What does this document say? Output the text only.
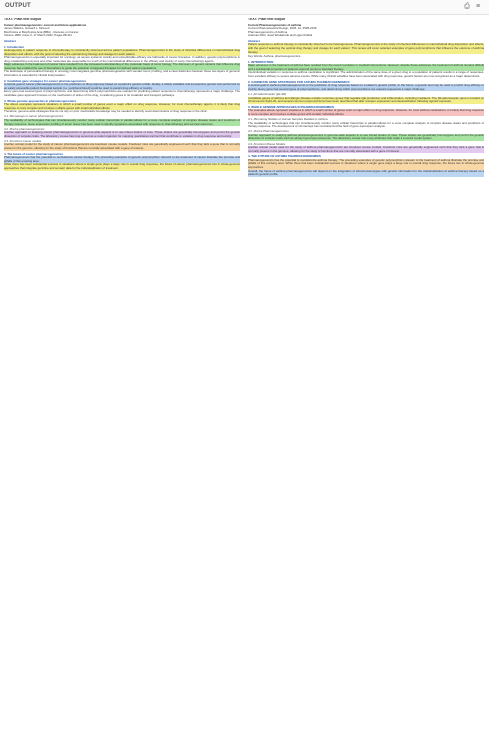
OUTPUT	⎙ ≡
TEXT: Plain text output
Cancer pharmacogenomics: current and future applications
James Watkins, Howard L. McLeod
Biochimica et Biophysica Acta (BBA) - Reviews on Cancer
Volume 1865, Issue 2, 17 March 2022, Pages 88-111
Abstract
1. Introduction

Heterogeneity in patient response to chemotherapy is consistently observed across patient populations. Pharmacogenomics is the study of inherited differences in interindividual drug disposition and effects, with the goal of selecting the optimal drug therapy and dosage for each patient.

Pharmacogenomics is especially important for oncology, as severe systemic toxicity and unpredictable efficacy are hallmarks of cancer therapies. In addition, genetic polymorphisms in drug metabolizing enzymes and other molecules are responsible for much of the interindividual differences in the efficacy and toxicity of many chemotherapy agents.

Major advances in the treatment of cancer have resulted from the increased understanding of the molecular basis of tumor biology. The discovery of genetic variants that influence drug response has enabled the use of biomarkers to guide the selection of targeted therapies for defined patient populations.

The landscape of personalized therapy in oncology now integrates germline pharmacogenetics with somatic tumor profiling, and a clear distinction between these two layers of genomic information is essential for clinical interpretation.

2. Candidate gene strategies for cancer pharmacogenomics

A central goal of cancer pharmacogenomics is the prediction of drug response based on a patient's genetic profile. Ideally, a widely available and inexpensive genetic test performed on an easily accessible patient biological sample (i.e. peripheral blood) could be used to predict drug efficacy or toxicity.

Every gene has several types of polymorphisms, and determining which polymorphisms are relevant for predicting patient response to chemotherapy represents a major challenge. The candidate gene approach focuses on the mechanism of action of the drug, considering genes in its metabolic and transport pathways.

3. Whole genome approaches in pharmacogenomics

The above examples represent situations in which a small number of genes exert a major effect on drug response. However, for most chemotherapy agents, it is likely that drug response is more complex and involves multiple genes with small individual effects.

Therefore, genome-wide strategies that do not rely on prior mechanistic knowledge may be needed to identify novel determinants of drug response in the clinic.

3.1. Microarrays in cancer pharmacogenomics

The availability of technologies that can simultaneously monitor many cellular transcripts in parallel allows for a more complete analysis of complex disease states and predictors of therapy response. Gene expression profiling of tumor tissue has been used to identify signatures associated with response to chemotherapy and survival outcomes.

3.2. Murine pharmacogenomics

Another approach to studying cancer pharmacogenomics in genome-wide aspects is to use inbred strains of mice. These strains are genetically homozygous and permit the genetic dissection of complex traits. The laboratory mouse has long served as a model organism for mapping quantitative trait loci that contribute to variation in drug response and toxicity.

3.3. Knockout mouse models

Another animal model for the study of cancer pharmacogenomics are knockout mouse models. Knockout mice are genetically engineered such that they lack a gene that is normally present in the genome, allowing for the study of functions that are normally associated with a gene of interest.

4. The future of cancer pharmacogenomics

Pharmacogenomics has the potential to revolutionize cancer therapy. The preceding examples of genetic polymorphism relevant to the treatment of cancer illustrate the promise and pitfalls of this evolving area.

While there has been substantial success in situations where a single gene plays a large role in overall drug response, the future of cancer pharmacogenomics lies in whole-genome approaches that integrate germline and somatic data for the individualization of treatment.

TEXT: Plain text output
Current Pharmacogenomics of asthma
Current Pharmaceutical Design, 2006, 12, 2595-2236
Pharmacogenomics of Asthma
Andreas Pahl, Josef Wedekinde and Ligia Chiabla
Abstract

Patient response to asthma therapy is consistently observed to be heterogeneous. Pharmacogenomics is the study of inherited differences in interindividual drug disposition and effects, with the goal of selecting the optimal drug therapy and dosage for each patient. This review will cover selected examples of gene polymorphisms that influence the outcome of asthma therapy.

Key Words: Asthma, pharmacogenomics.
1. INTRODUCTION

Major advances in the treatment of asthma have resulted from the recent revolution in medical interventions. However, despite these advances, the treatment of asthma remains difficult and a substantial proportion of patients respond poorly to standard therapy.

Interindividual variation in response to asthma medication is significant. The administration of the same dose of a given drug to a population of patients results in a range of responses, from excellent efficacy to severe adverse events. While many clinical variables have been associated with drug response, genetic factors are now recognized as a major determinant.

2. CANDIDATE GENE STRATEGIES FOR ASTHMA PHARMACOGENOMICS

A central goal of asthma pharmacogenomics is the prediction of drug response based on a patient's genetic profile. In the future, a genetic test may be used to predict drug efficacy or toxicity. Every gene has several types of polymorphisms, and determining which polymorphisms are relevant represents a major challenge.

2.1. β2-Adrenoceptor (β2-AR)

Candidate genes of asthma and allergic disease include numerous genes that regulate IgE production and inflammation, including mediators. The β2-adrenoceptor gene is located on chromosome 5q31-32, and several common polymorphisms have been described that alter receptor expression and desensitization following agonist exposure.

3. WHOLE GENOME APPROACHES IN PHARMACOGENOMICS

The examples above represent situations in which a small number of genes exert a major effect on drug response. However, for most asthma medications, it is likely that drug response is more complex and involves multiple genes with smaller individual effects.

3.1. Microarray Studies of Human Samples Related to Asthma

The availability of technologies that can simultaneously monitor many cellular transcripts in parallel allows for a more complete analysis of complex disease states and predictors of therapy response. The development of microarrays has revolutionized the field of gene expression analysis.

3.2. Murine Pharmacogenomics

Another approach to studying asthma pharmacogenomics in genome-wide aspects is to use inbred strains of mice. These strains are genetically homozygous and permit the genetic dissection of complex traits such as airway hyperresponsiveness. The laboratory mouse has many attributes that make it a useful model system.

3.3. Knockout Mouse Models

Another animal model used for the study of asthma pharmacogenomics are knockout mouse models. Knockout mice are genetically engineered such that they lack a gene that is normally present in the genome, allowing for the study of functions that are normally associated with a gene of interest.

4. THE FUTURE OF ASTHMA PHARMACOGENOMICS

Pharmacogenomics has the potential to revolutionize asthma therapy. The preceding examples of genetic polymorphism relevant to the treatment of asthma illustrate the promise and pitfalls of this evolving area. While there has been substantial success in situations where a single gene plays a large role in overall drug response, the future lies in whole-genome approaches.

Overall, the future of asthma pharmacogenomics will depend on the integration of clinical phenotypes with genetic information for the individualization of asthma therapy based on a patient's genetic profile.
